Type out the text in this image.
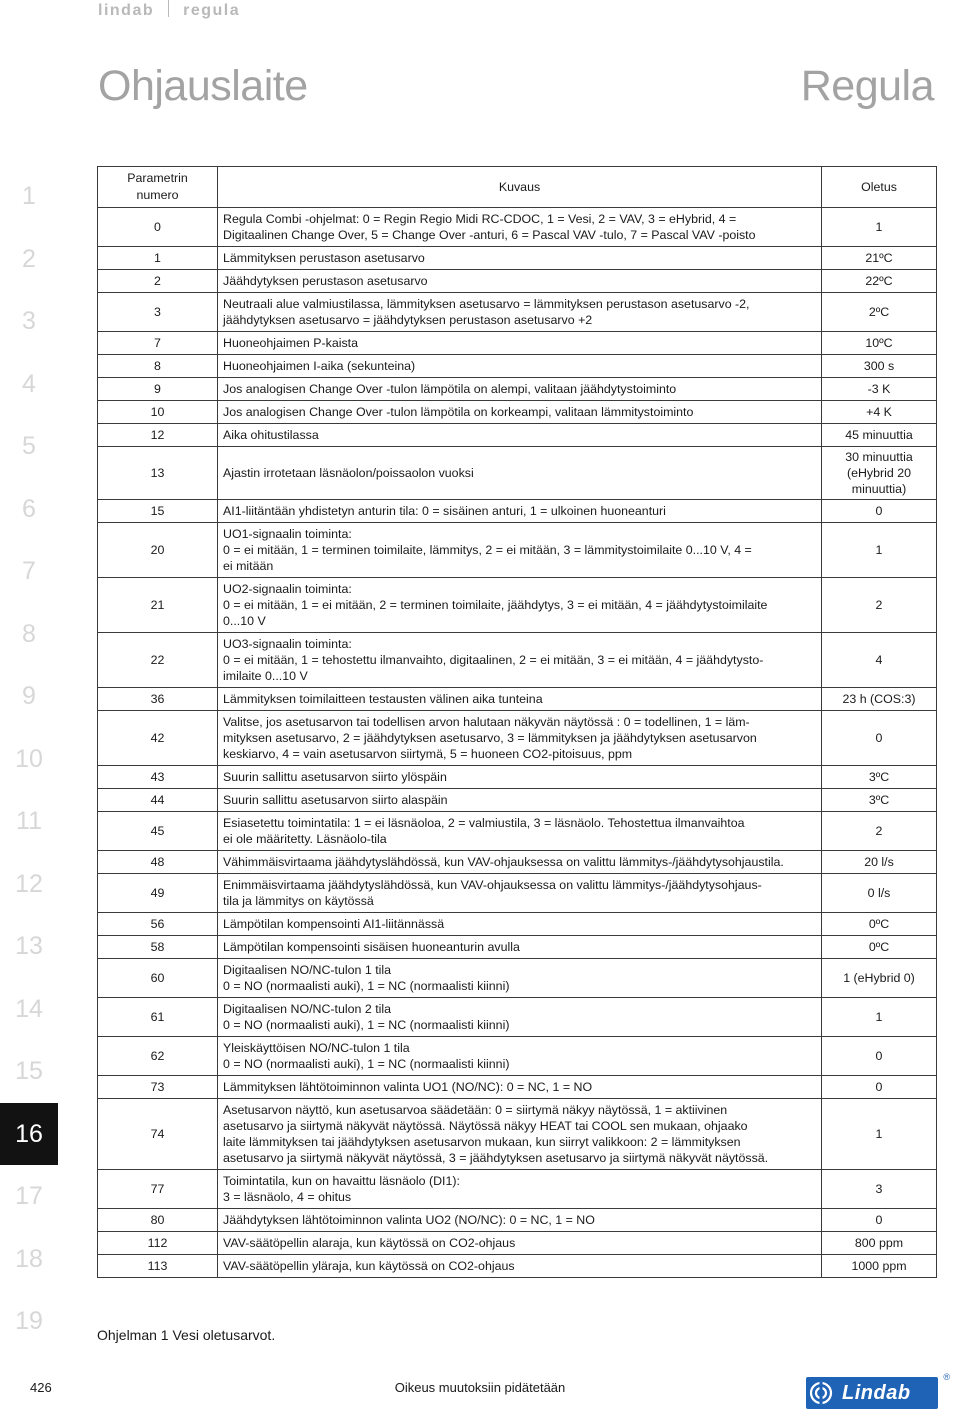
lindab regula
Ohjauslaite	Regula
1
2
3
4
5
6
7
8
9
10
11
12
13
14
15
16
17
18
19
Parametrin
numero	Kuvaus	Oletus
0	Regula Combi -ohjelmat: 0 = Regin Regio Midi RC-CDOC, 1 = Vesi, 2 = VAV, 3 = eHybrid, 4 =
Digitaalinen Change Over, 5 = Change Over -anturi, 6 = Pascal VAV -tulo, 7 = Pascal VAV -poisto	1

1	Lämmityksen perustason asetusarvo	21ºC

2	Jäähdytyksen perustason asetusarvo	22ºC

3	Neutraali alue valmiustilassa, lämmityksen asetusarvo = lämmityksen perustason asetusarvo -2,
jäähdytyksen asetusarvo = jäähdytyksen perustason asetusarvo +2	2ºC

7	Huoneohjaimen P-kaista	10ºC

8	Huoneohjaimen I-aika (sekunteina)	300 s

9	Jos analogisen Change Over -tulon lämpötila on alempi, valitaan jäähdytystoiminto	-3 K

10	Jos analogisen Change Over -tulon lämpötila on korkeampi, valitaan lämmitystoiminto	+4 K

12	Aika ohitustilassa	45 minuuttia

13	Ajastin irrotetaan läsnäolon/poissaolon vuoksi	30 minuuttia
(eHybrid 20
minuuttia)

15	AI1-liitäntään yhdistetyn anturin tila: 0 = sisäinen anturi, 1 = ulkoinen huoneanturi	0

20	UO1-signaalin toiminta:
0 = ei mitään, 1 = terminen toimilaite, lämmitys, 2 = ei mitään, 3 = lämmitystoimilaite 0...10 V, 4 =
ei mitään	1

21	UO2-signaalin toiminta:
0 = ei mitään, 1 = ei mitään, 2 = terminen toimilaite, jäähdytys, 3 = ei mitään, 4 = jäähdytystoimilaite
0...10 V	2

22	UO3-signaalin toiminta:
0 = ei mitään, 1 = tehostettu ilmanvaihto, digitaalinen, 2 = ei mitään, 3 = ei mitään, 4 = jäähdytysto-
imilaite 0...10 V	4

36	Lämmityksen toimilaitteen testausten välinen aika tunteina	23 h (COS:3)

42	Valitse, jos asetusarvon tai todellisen arvon halutaan näkyvän näytössä : 0 = todellinen, 1 = läm-
mityksen asetusarvo, 2 = jäähdytyksen asetusarvo, 3 = lämmityksen ja jäähdytyksen asetusarvon
keskiarvo, 4 = vain asetusarvon siirtymä, 5 = huoneen CO2-pitoisuus, ppm	0

43	Suurin sallittu asetusarvon siirto ylöspäin	3ºC

44	Suurin sallittu asetusarvon siirto alaspäin	3ºC

45	Esiasetettu toimintatila: 1 = ei läsnäoloa, 2 = valmiustila, 3 = läsnäolo. Tehostettua ilmanvaihtoa
ei ole määritetty. Läsnäolo-tila	2

48	Vähimmäisvirtaama jäähdytyslähdössä, kun VAV-ohjauksessa on valittu lämmitys-/jäähdytysohjaustila.	20 l/s

49	Enimmäisvirtaama jäähdytyslähdössä, kun VAV-ohjauksessa on valittu lämmitys-/jäähdytysohjaus-
tila ja lämmitys on käytössä	0 l/s

56	Lämpötilan kompensointi AI1-liitännässä	0ºC

58	Lämpötilan kompensointi sisäisen huoneanturin avulla	0ºC

60	Digitaalisen NO/NC-tulon 1 tila
0 = NO (normaalisti auki), 1 = NC (normaalisti kiinni)	1 (eHybrid 0)

61	Digitaalisen NO/NC-tulon 2 tila
0 = NO (normaalisti auki), 1 = NC (normaalisti kiinni)	1

62	Yleiskäyttöisen NO/NC-tulon 1 tila
0 = NO (normaalisti auki), 1 = NC (normaalisti kiinni)	0

73	Lämmityksen lähtötoiminnon valinta UO1 (NO/NC): 0 = NC, 1 = NO	0

74	Asetusarvon näyttö, kun asetusarvoa säädetään: 0 = siirtymä näkyy näytössä, 1 = aktiivinen
asetusarvo ja siirtymä näkyvät näytössä. Näytössä näkyy HEAT tai COOL sen mukaan, ohjaako
laite lämmityksen tai jäähdytyksen asetusarvon mukaan, kun siirryt valikkoon: 2 = lämmityksen
asetusarvo ja siirtymä näkyvät näytössä, 3 = jäähdytyksen asetusarvo ja siirtymä näkyvät näytössä.	1

77	Toimintatila, kun on havaittu läsnäolo (DI1):
3 = läsnäolo, 4 = ohitus	3

80	Jäähdytyksen lähtötoiminnon valinta UO2 (NO/NC): 0 = NC, 1 = NO	0

112	VAV-säätöpellin alaraja, kun käytössä on CO2-ohjaus	800 ppm

113	VAV-säätöpellin yläraja, kun käytössä on CO2-ohjaus	1000 ppm
Ohjelman 1 Vesi oletusarvot.
426	Oikeus muutoksiin pidätetään	Lindab
®
